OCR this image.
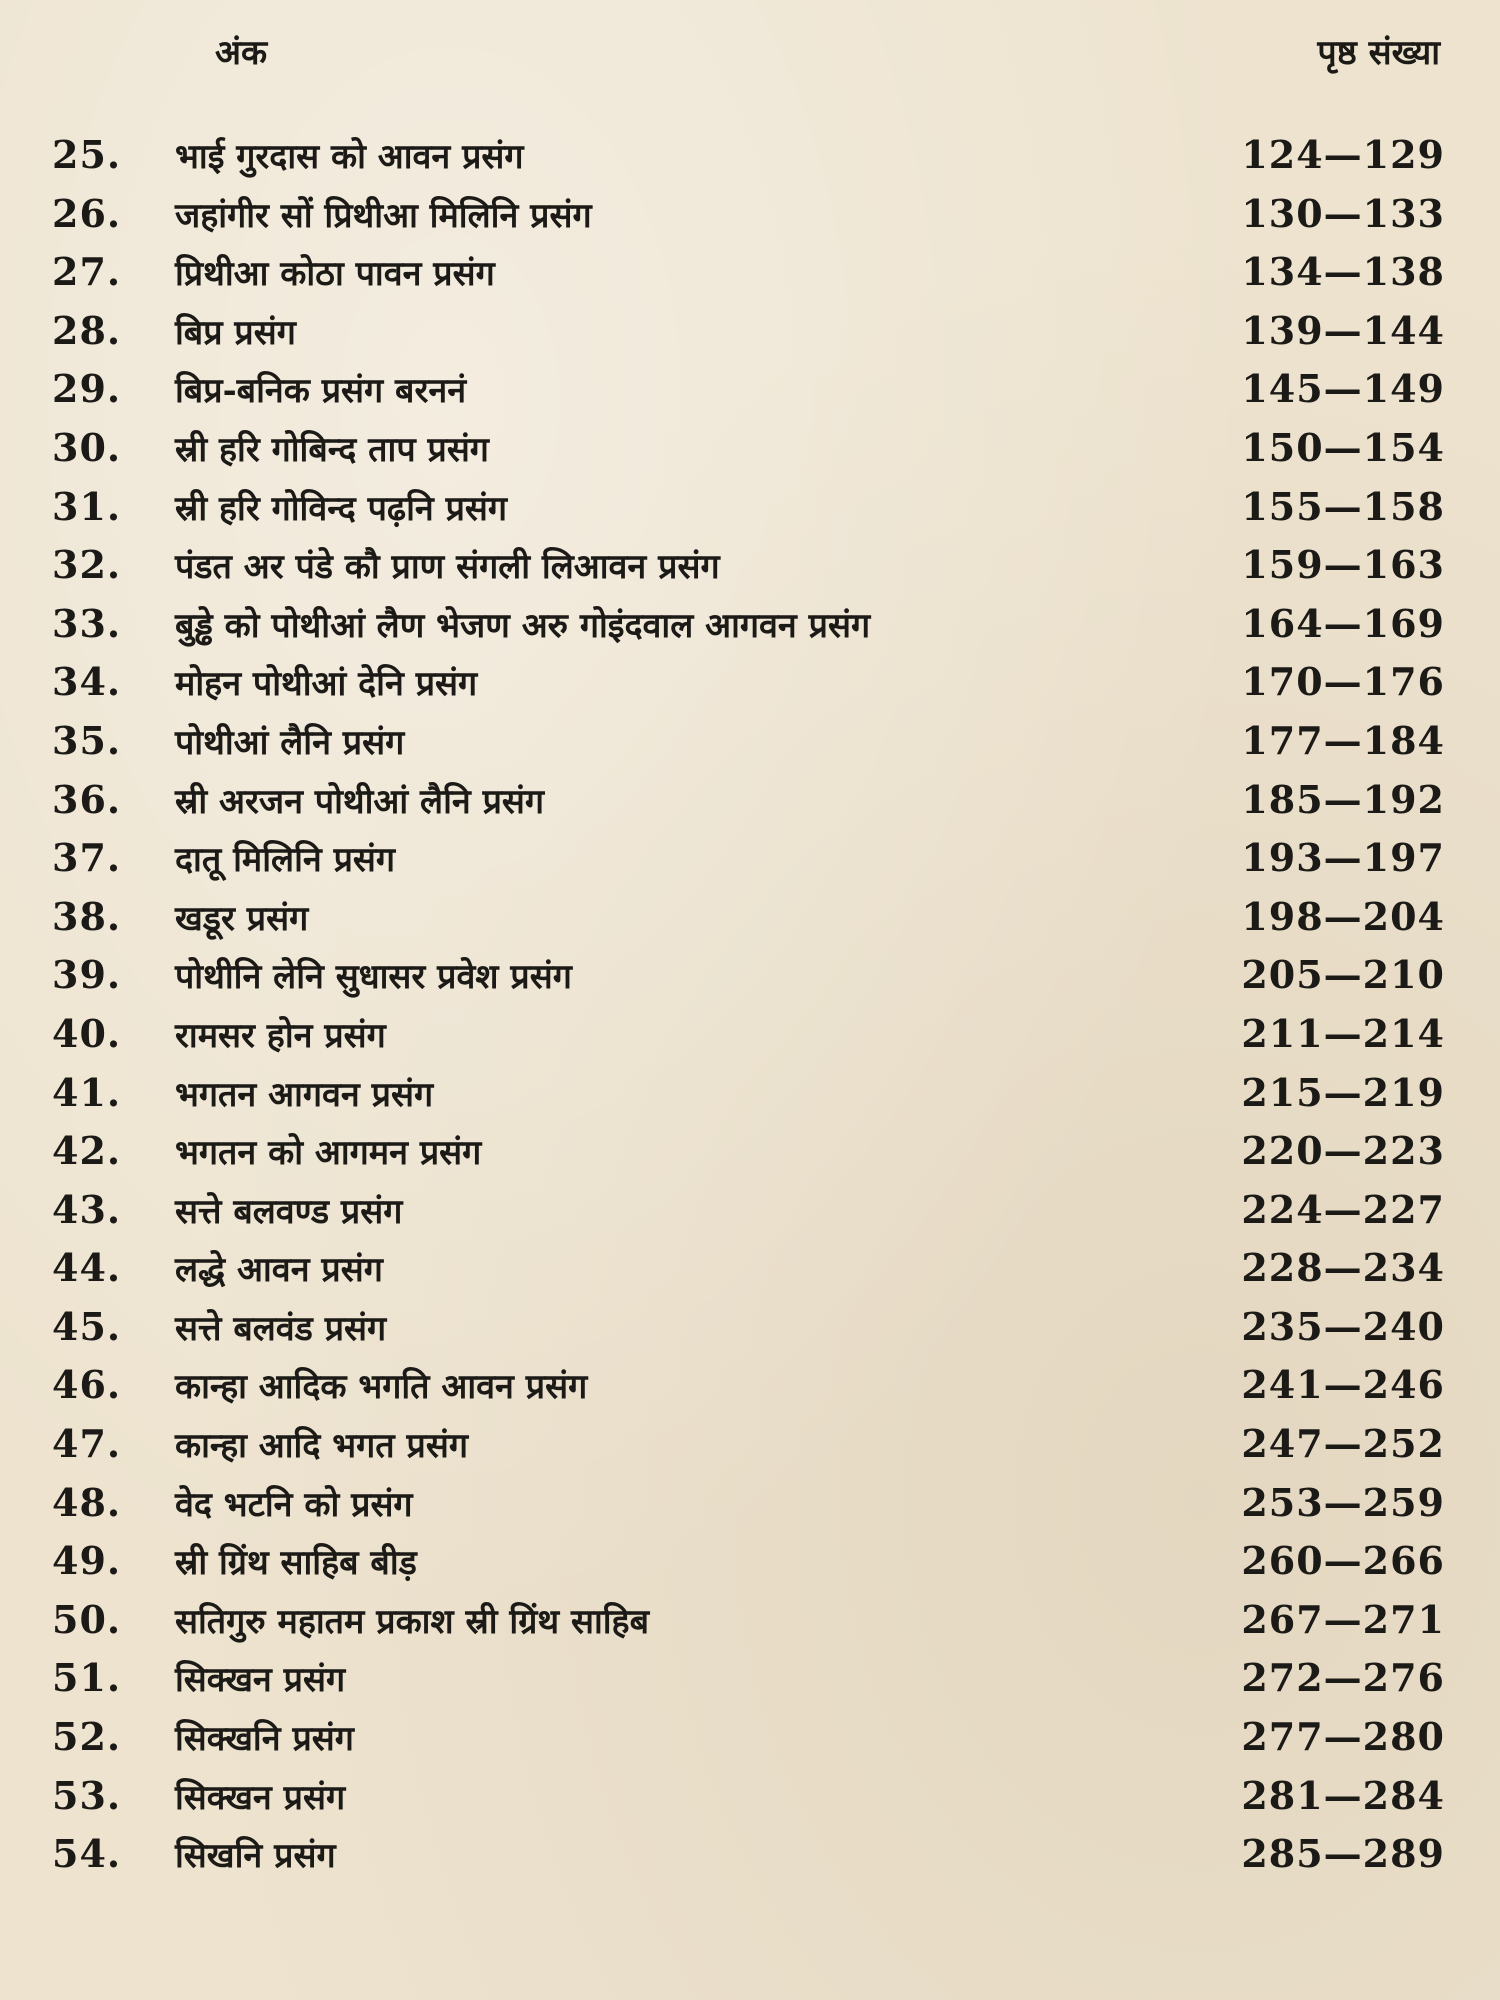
अंक	पृष्ठ संख्या
25.	भाई गुरदास को आवन प्रसंग	124—129
26.	जहांगीर सों प्रिथीआ मिलिनि प्रसंग	130—133
27.	प्रिथीआ कोठा पावन प्रसंग	134—138
28.	बिप्र प्रसंग	139—144
29.	बिप्र-बनिक प्रसंग बरननं	145—149
30.	स्री हरि गोबिन्द ताप प्रसंग	150—154
31.	स्री हरि गोविन्द पढ़नि प्रसंग	155—158
32.	पंडत अर पंडे कौ प्राण संगली लिआवन प्रसंग	159—163
33.	बुड्ढे को पोथीआं लैण भेजण अरु गोइंदवाल आगवन प्रसंग	164—169
34.	मोहन पोथीआं देनि प्रसंग	170—176
35.	पोथीआं लैनि प्रसंग	177—184
36.	स्री अरजन पोथीआं लैनि प्रसंग	185—192
37.	दातू मिलिनि प्रसंग	193—197
38.	खडूर प्रसंग	198—204
39.	पोथीनि लेनि सुधासर प्रवेश प्रसंग	205—210
40.	रामसर होन प्रसंग	211—214
41.	भगतन आगवन प्रसंग	215—219
42.	भगतन को आगमन प्रसंग	220—223
43.	सत्ते बलवण्ड प्रसंग	224—227
44.	लद्धे आवन प्रसंग	228—234
45.	सत्ते बलवंड प्रसंग	235—240
46.	कान्हा आदिक भगति आवन प्रसंग	241—246
47.	कान्हा आदि भगत प्रसंग	247—252
48.	वेद भटनि को प्रसंग	253—259
49.	स्री ग्रिंथ साहिब बीड़	260—266
50.	सतिगुरु महातम प्रकाश स्री ग्रिंथ साहिब	267—271
51.	सिक्खन प्रसंग	272—276
52.	सिक्खनि प्रसंग	277—280
53.	सिक्खन प्रसंग	281—284
54.	सिखनि प्रसंग	285—289
